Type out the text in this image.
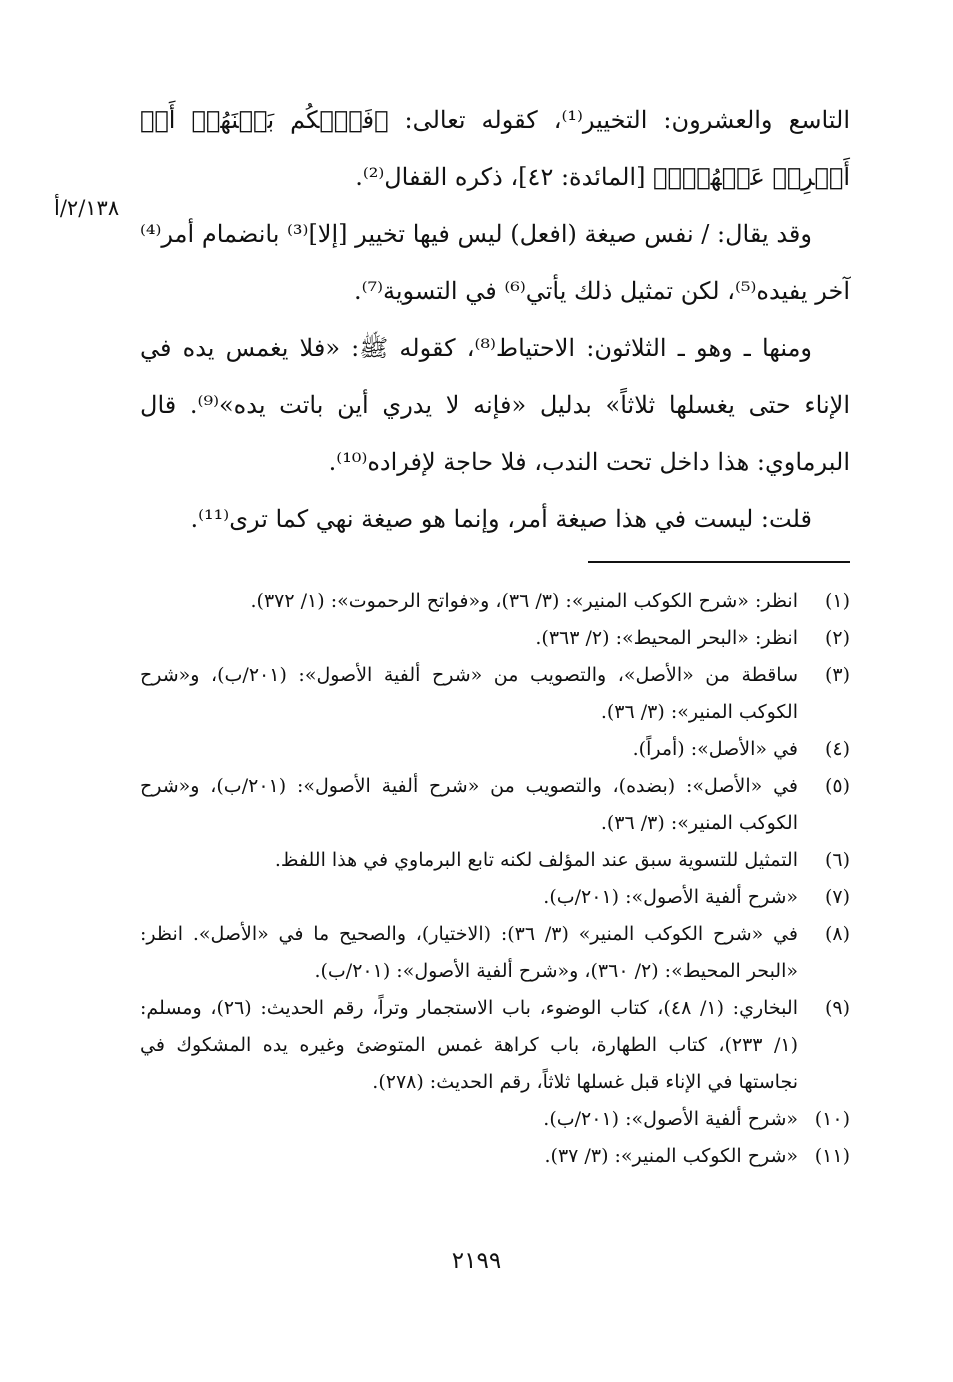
التاسع والعشرون: التخيير⁽¹⁾، كقوله تعالى: ﴿فَٱحۡكُم بَيۡنَهُمۡ أَوۡ أَعۡرِضۡ عَنۡهُمۡۖ﴾ [المائدة: ٤٢]، ذكره القفال⁽²⁾.

وقد يقال: / نفس صيغة (افعل) ليس فيها تخيير [إلا]⁽³⁾ بانضمام أمر⁽⁴⁾ آخر يفيده⁽⁵⁾، لكن تمثيل ذلك يأتي⁽⁶⁾ في التسوية⁽⁷⁾.

ومنها ـ وهو ـ الثلاثون: الاحتياط⁽⁸⁾، كقوله ﷺ: «فلا يغمس يده في الإناء حتى يغسلها ثلاثاً» بدليل «فإنه لا يدري أين باتت يده»⁽⁹⁾. قال البرماوي: هذا داخل تحت الندب، فلا حاجة لإفراده⁽¹⁰⁾.

قلت: ليست في هذا صيغة أمر، وإنما هو صيغة نهي كما ترى⁽¹¹⁾.

٢/١٣٨/أ
(١)
انظر: «شرح الكوكب المنير»: (٣/ ٣٦)، و«فواتح الرحموت»: (١/ ٣٧٢).
(٢)
انظر: «البحر المحيط»: (٢/ ٣٦٣).
(٣)
ساقطة من «الأصل»، والتصويب من «شرح ألفية الأصول»: (٢٠١/ب)، و«شرح الكوكب المنير»: (٣/ ٣٦).
(٤)
في «الأصل»: (أمراً).
(٥)
في «الأصل»: (بضده)، والتصويب من «شرح ألفية الأصول»: (٢٠١/ب)، و«شرح الكوكب المنير»: (٣/ ٣٦).
(٦)
التمثيل للتسوية سبق عند المؤلف لكنه تابع البرماوي في هذا اللفظ.
(٧)
«شرح ألفية الأصول»: (٢٠١/ب).
(٨)
في «شرح الكوكب المنير» (٣/ ٣٦): (الاختيار)، والصحيح ما في «الأصل». انظر: «البحر المحيط»: (٢/ ٣٦٠)، و«شرح ألفية الأصول»: (٢٠١/ب).
(٩)
البخاري: (١/ ٤٨)، كتاب الوضوء، باب الاستجمار وتراً، رقم الحديث: (٢٦)، ومسلم: (١/ ٢٣٣)، كتاب الطهارة، باب كراهة غمس المتوضئ وغيره يده المشكوك في نجاستها في الإناء قبل غسلها ثلاثاً، رقم الحديث: (٢٧٨).
(١٠)
«شرح ألفية الأصول»: (٢٠١/ب).
(١١)
«شرح الكوكب المنير»: (٣/ ٣٧).
٢١٩٩
